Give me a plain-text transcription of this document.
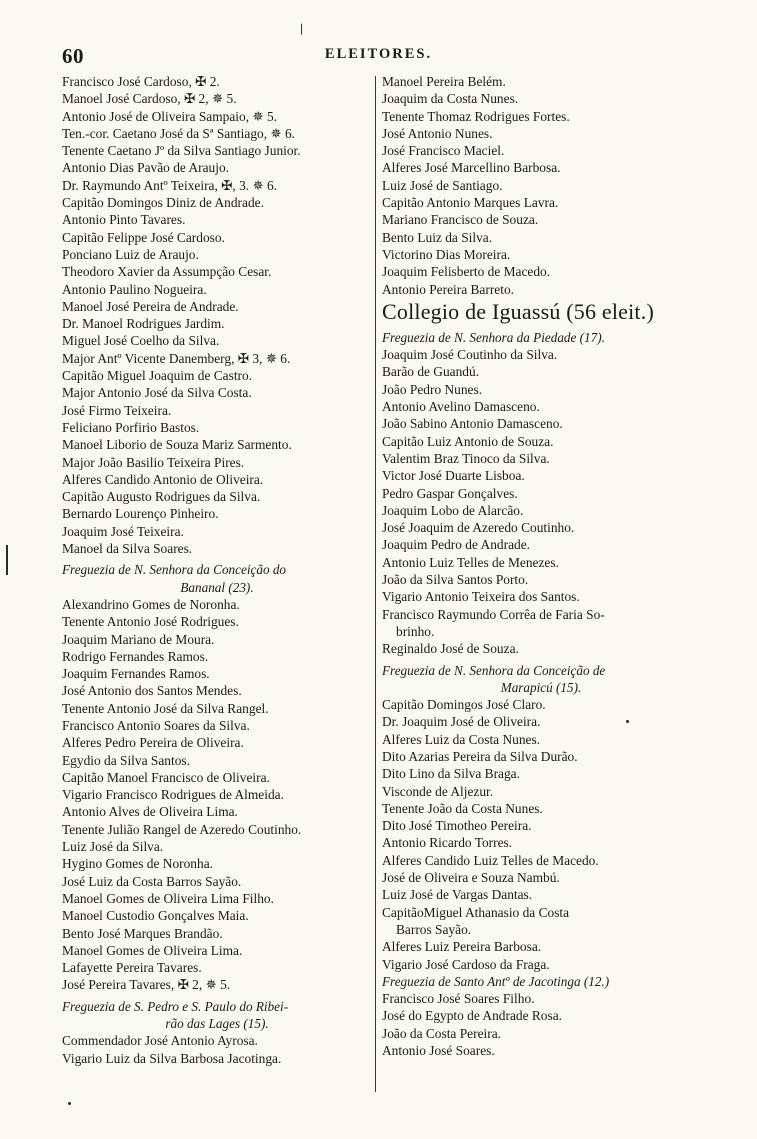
❘
60	ELEITORES.
Francisco José Cardoso, ✠ 2.
Manoel José Cardoso, ✠ 2, ✵ 5.
Antonio José de Oliveira Sampaio, ✵ 5.
Ten.-cor. Caetano José da Sª Santiago, ✵ 6.
Tenente Caetano Jº da Silva Santiago Junior.
Antonio Dias Pavão de Araujo.
Dr. Raymundo Antº Teixeira, ✠, 3. ✵ 6.
Capitão Domingos Diniz de Andrade.
Antonio Pinto Tavares.
Capitão Felippe José Cardoso.
Ponciano Luiz de Araujo.
Theodoro Xavier da Assumpção Cesar.
Antonio Paulino Nogueira.
Manoel José Pereira de Andrade.
Dr. Manoel Rodrigues Jardim.
Miguel José Coelho da Silva.
Major Antº Vicente Danemberg, ✠ 3, ✵ 6.
Capitão Miguel Joaquim de Castro.
Major Antonio José da Silva Costa.
José Firmo Teixeira.
Feliciano Porfirio Bastos.
Manoel Liborio de Souza Mariz Sarmento.
Major João Basilio Teixeira Pires.
Alferes Candido Antonio de Oliveira.
Capitão Augusto Rodrigues da Silva.
Bernardo Lourenço Pinheiro.
Joaquim José Teixeira.
Manoel da Silva Soares.
Freguezia de N. Senhora da Conceição do
Bananal (23).
Alexandrino Gomes de Noronha.
Tenente Antonio José Rodrigues.
Joaquim Mariano de Moura.
Rodrigo Fernandes Ramos.
Joaquim Fernandes Ramos.
José Antonio dos Santos Mendes.
Tenente Antonio José da Silva Rangel.
Francisco Antonio Soares da Silva.
Alferes Pedro Pereira de Oliveira.
Egydio da Silva Santos.
Capitão Manoel Francisco de Oliveira.
Vigario Francisco Rodrigues de Almeida.
Antonio Alves de Oliveira Lima.
Tenente Julião Rangel de Azeredo Coutinho.
Luiz José da Silva.
Hygino Gomes de Noronha.
José Luiz da Costa Barros Sayão.
Manoel Gomes de Oliveira Lima Filho.
Manoel Custodio Gonçalves Maia.
Bento José Marques Brandão.
Manoel Gomes de Oliveira Lima.
Lafayette Pereira Tavares.
José Pereira Tavares, ✠ 2, ✵ 5.
Freguezia de S. Pedro e S. Paulo do Ribei-
rão das Lages (15).
Commendador José Antonio Ayrosa.
Vigario Luiz da Silva Barbosa Jacotinga.
Manoel Pereira Belém.
Joaquim da Costa Nunes.
Tenente Thomaz Rodrigues Fortes.
José Antonio Nunes.
José Francisco Maciel.
Alferes José Marcellino Barbosa.
Luiz José de Santiago.
Capitão Antonio Marques Lavra.
Mariano Francisco de Souza.
Bento Luiz da Silva.
Victorino Dias Moreira.
Joaquim Felisberto de Macedo.
Antonio Pereira Barreto.
Collegio de Iguassú (56 eleit.)
Freguezia de N. Senhora da Piedade (17).
Joaquim José Coutinho da Silva.
Barão de Guandú.
João Pedro Nunes.
Antonio Avelino Damasceno.
João Sabino Antonio Damasceno.
Capitão Luiz Antonio de Souza.
Valentim Braz Tinoco da Silva.
Victor José Duarte Lisboa.
Pedro Gaspar Gonçalves.
Joaquim Lobo de Alarcão.
José Joaquim de Azeredo Coutinho.
Joaquim Pedro de Andrade.
Antonio Luiz Telles de Menezes.
João da Silva Santos Porto.
Vigario Antonio Teixeira dos Santos.
Francisco Raymundo Corrêa de Faria So-
brinho.
Reginaldo José de Souza.
Freguezia de N. Senhora da Conceição de
Marapicú (15).
Capitão Domingos José Claro.
Dr. Joaquim José de Oliveira.
Alferes Luiz da Costa Nunes.
Dito Azarias Pereira da Silva Durão.
Dito Lino da Silva Braga.
Visconde de Aljezur.
Tenente João da Costa Nunes.
Dito José Timotheo Pereira.
Antonio Ricardo Torres.
Alferes Candido Luiz Telles de Macedo.
José de Oliveira e Souza Nambú.
Luiz José de Vargas Dantas.
CapitãoMiguel Athanasio da Costa
Barros Sayão.
Alferes Luiz Pereira Barbosa.
Vigario José Cardoso da Fraga.
Freguezia de Santo Antº de Jacotinga (12.)
Francisco José Soares Filho.
José do Egypto de Andrade Rosa.
João da Costa Pereira.
Antonio José Soares.
